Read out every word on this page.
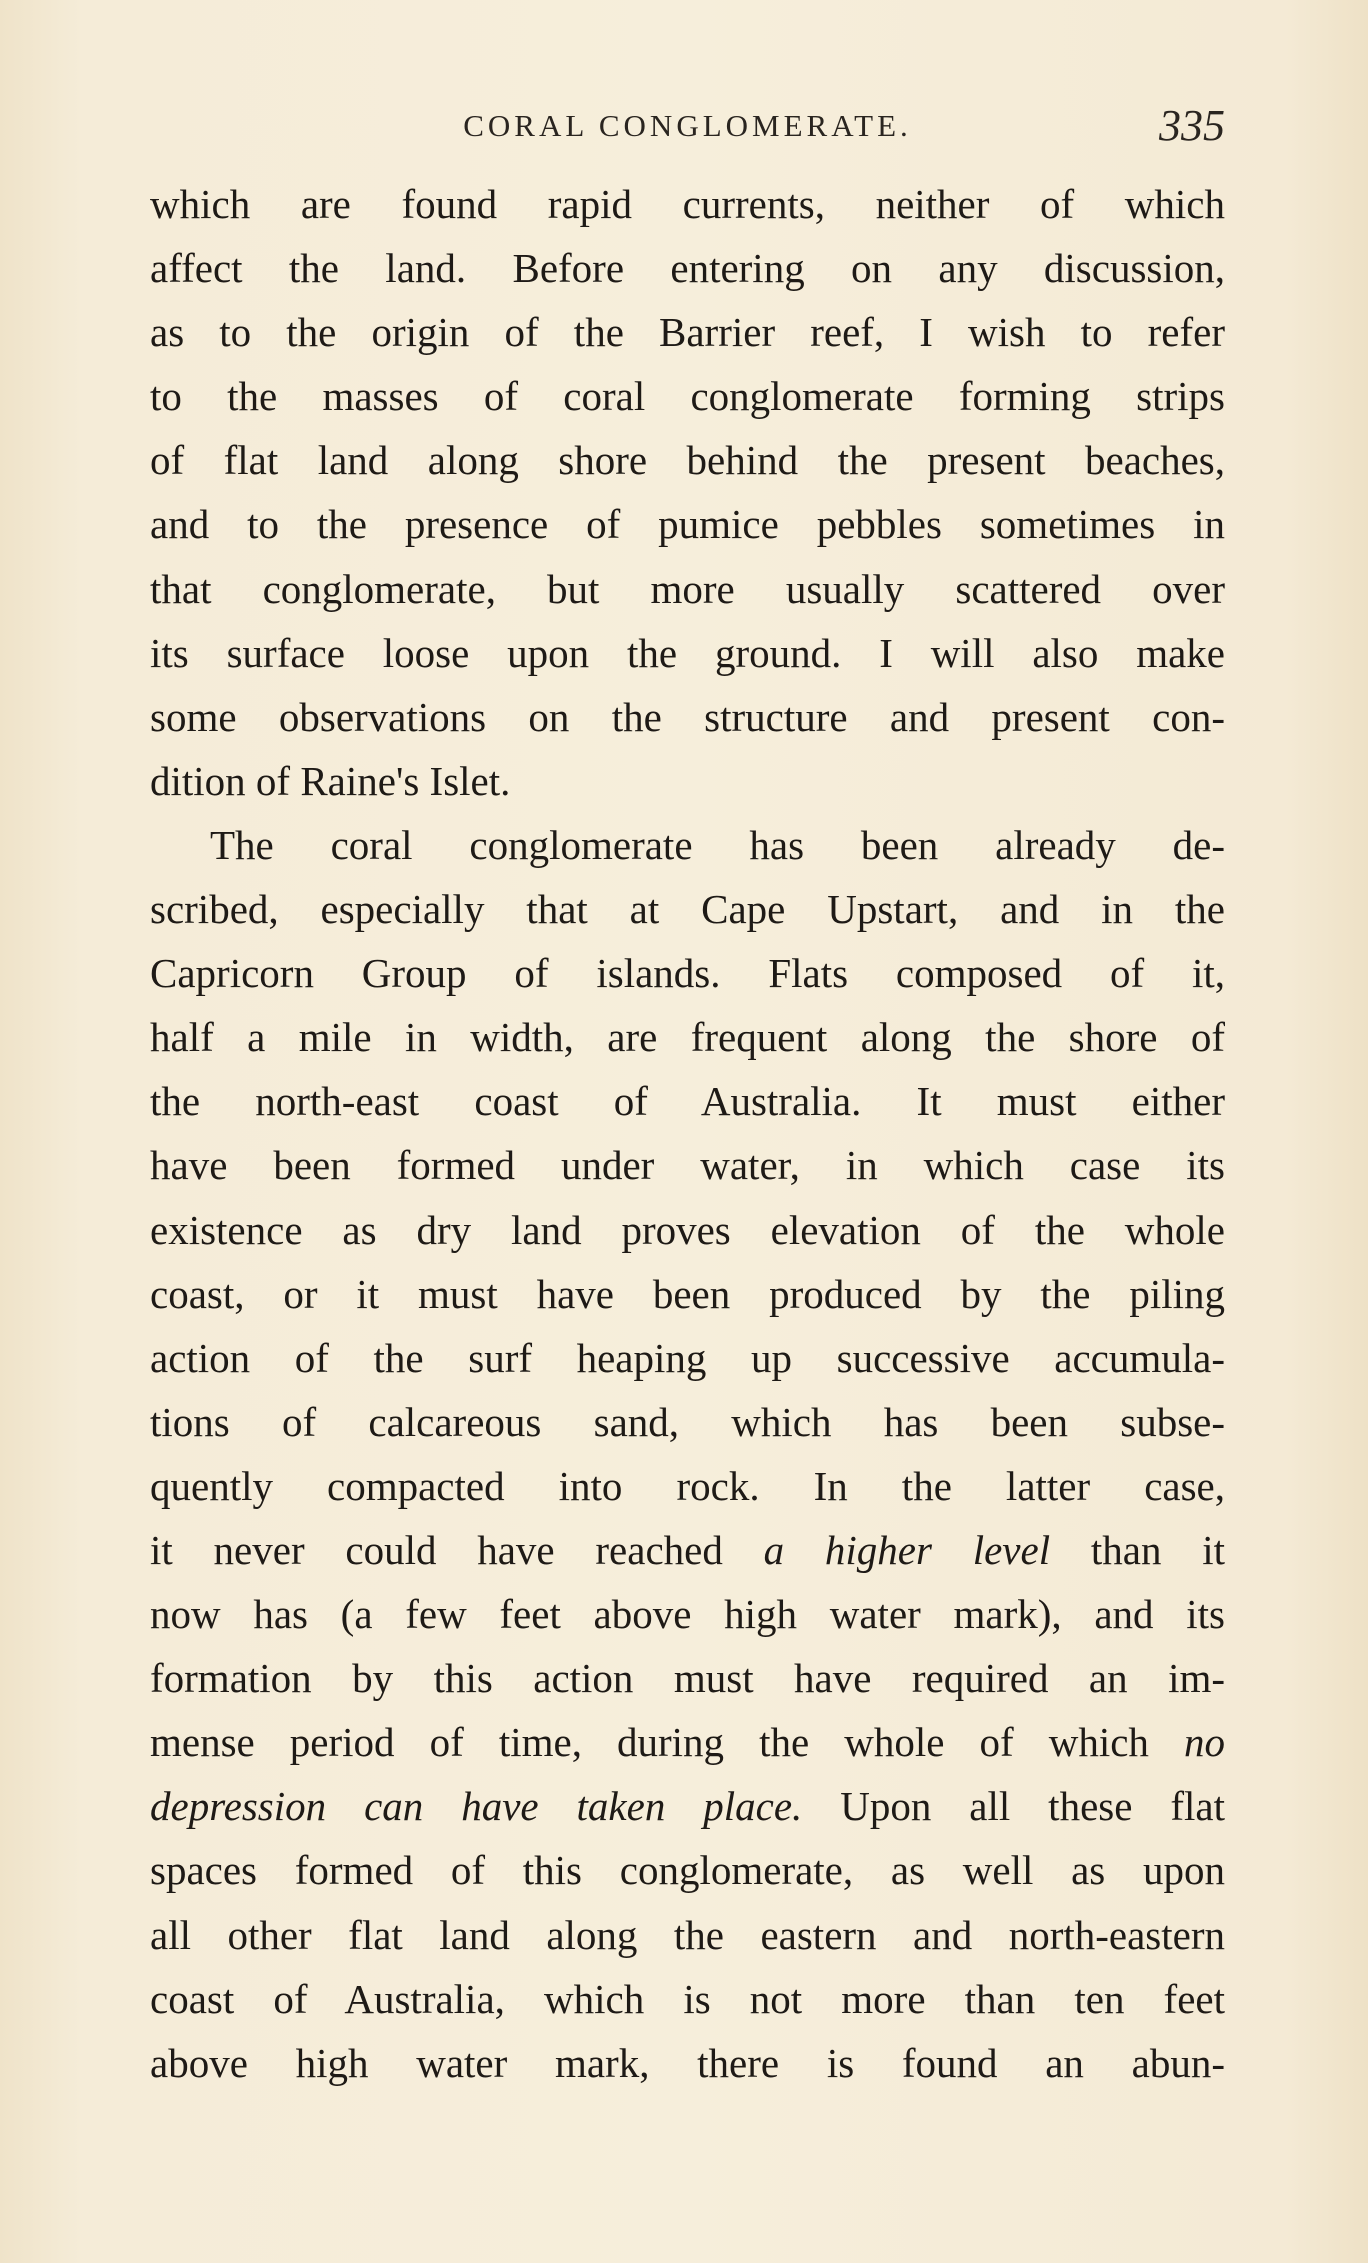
CORAL CONGLOMERATE.	335
which are found rapid currents, neither of which
affect the land. Before entering on any discussion,
as to the origin of the Barrier reef, I wish to refer
to the masses of coral conglomerate forming strips
of flat land along shore behind the present beaches,
and to the presence of pumice pebbles sometimes in
that conglomerate, but more usually scattered over
its surface loose upon the ground. I will also make
some observations on the structure and present con-
dition of Raine's Islet.
The coral conglomerate has been already de-
scribed, especially that at Cape Upstart, and in the
Capricorn Group of islands. Flats composed of it,
half a mile in width, are frequent along the shore of
the north-east coast of Australia. It must either
have been formed under water, in which case its
existence as dry land proves elevation of the whole
coast, or it must have been produced by the piling
action of the surf heaping up successive accumula-
tions of calcareous sand, which has been subse-
quently compacted into rock. In the latter case,
it never could have reached a higher level than it
now has (a few feet above high water mark), and its
formation by this action must have required an im-
mense period of time, during the whole of which no
depression can have taken place. Upon all these flat
spaces formed of this conglomerate, as well as upon
all other flat land along the eastern and north-eastern
coast of Australia, which is not more than ten feet
above high water mark, there is found an abun-
